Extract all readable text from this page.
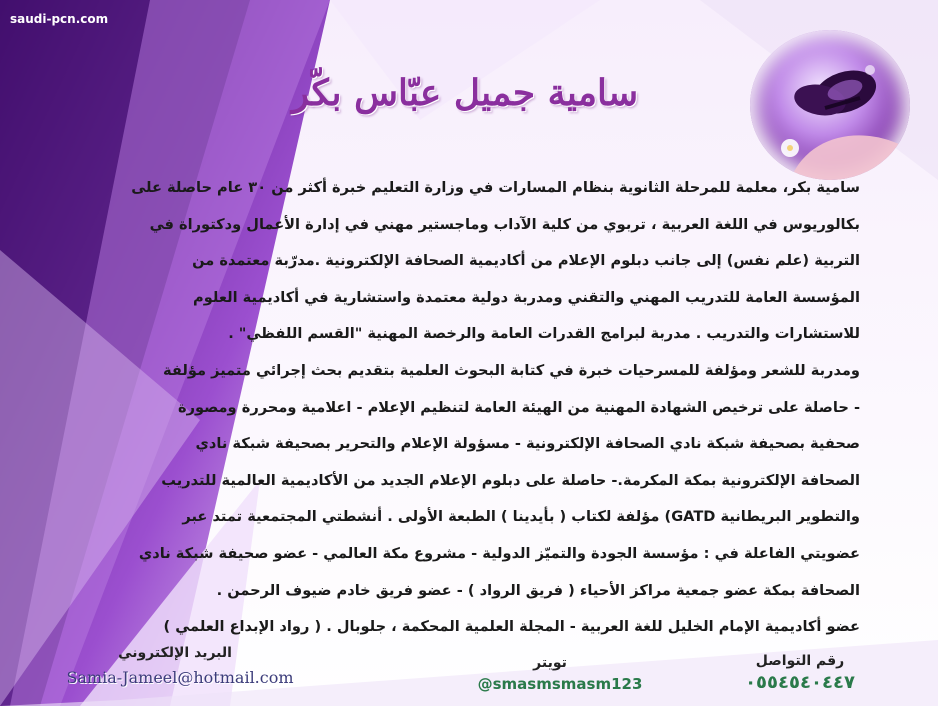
saudi-pcn.com
سامية جميل عبّاس بكّر
سامية بكر، معلمة للمرحلة الثانوية بنظام المسارات في وزارة التعليم خبرة أكثر من ٣٠ عام حاصلة على
بكالوريوس في اللغة العربية ، تربوي من كلية الآداب وماجستير مهني في إدارة الأعمال ودكتوراة في
التربية (علم نفس) إلى جانب دبلوم الإعلام من أكاديمية الصحافة الإلكترونية .مدرّبة معتمدة من
المؤسسة العامة للتدريب المهني والتقني ومدربة دولية معتمدة واستشارية في أكاديمية العلوم
للاستشارات والتدريب . مدربة لبرامج القدرات العامة والرخصة المهنية "القسم اللفظي" .
ومدربة للشعر ومؤلفة للمسرحيات خبرة في كتابة البحوث العلمية بتقديم بحث إجرائي متميز مؤلفة
- حاصلة على ترخيص الشهادة المهنية من الهيئة العامة لتنظيم الإعلام - اعلامية ومحررة ومصورة
صحفية بصحيفة شبكة نادي الصحافة الإلكترونية - مسؤولة الإعلام والتحرير بصحيفة شبكة نادي
الصحافة الإلكترونية بمكة المكرمة.- حاصلة على دبلوم الإعلام الجديد من الأكاديمية العالمية للتدريب
والتطوير البريطانية GATD) مؤلفة لكتاب ( بأيدينا ) الطبعة الأولى . أنشطتي المجتمعية تمتد عبر
عضويتي الفاعلة في : مؤسسة الجودة والتميّز الدولية - مشروع مكة العالمي - عضو صحيفة شبكة نادي
الصحافة بمكة عضو جمعية مراكز الأحياء ( فريق الرواد ) - عضو فريق خادم ضيوف الرحمن .
عضو أكاديمية الإمام الخليل للغة العربية - المجلة العلمية المحكمة ، جلوبال . ( رواد الإبداع العلمي )
البريد الإلكتروني
Samia-Jameel@hotmail.com
تويتر
@smasmsmasm123
رقم التواصل
٠٥٥٤٥٤٠٤٤٧
